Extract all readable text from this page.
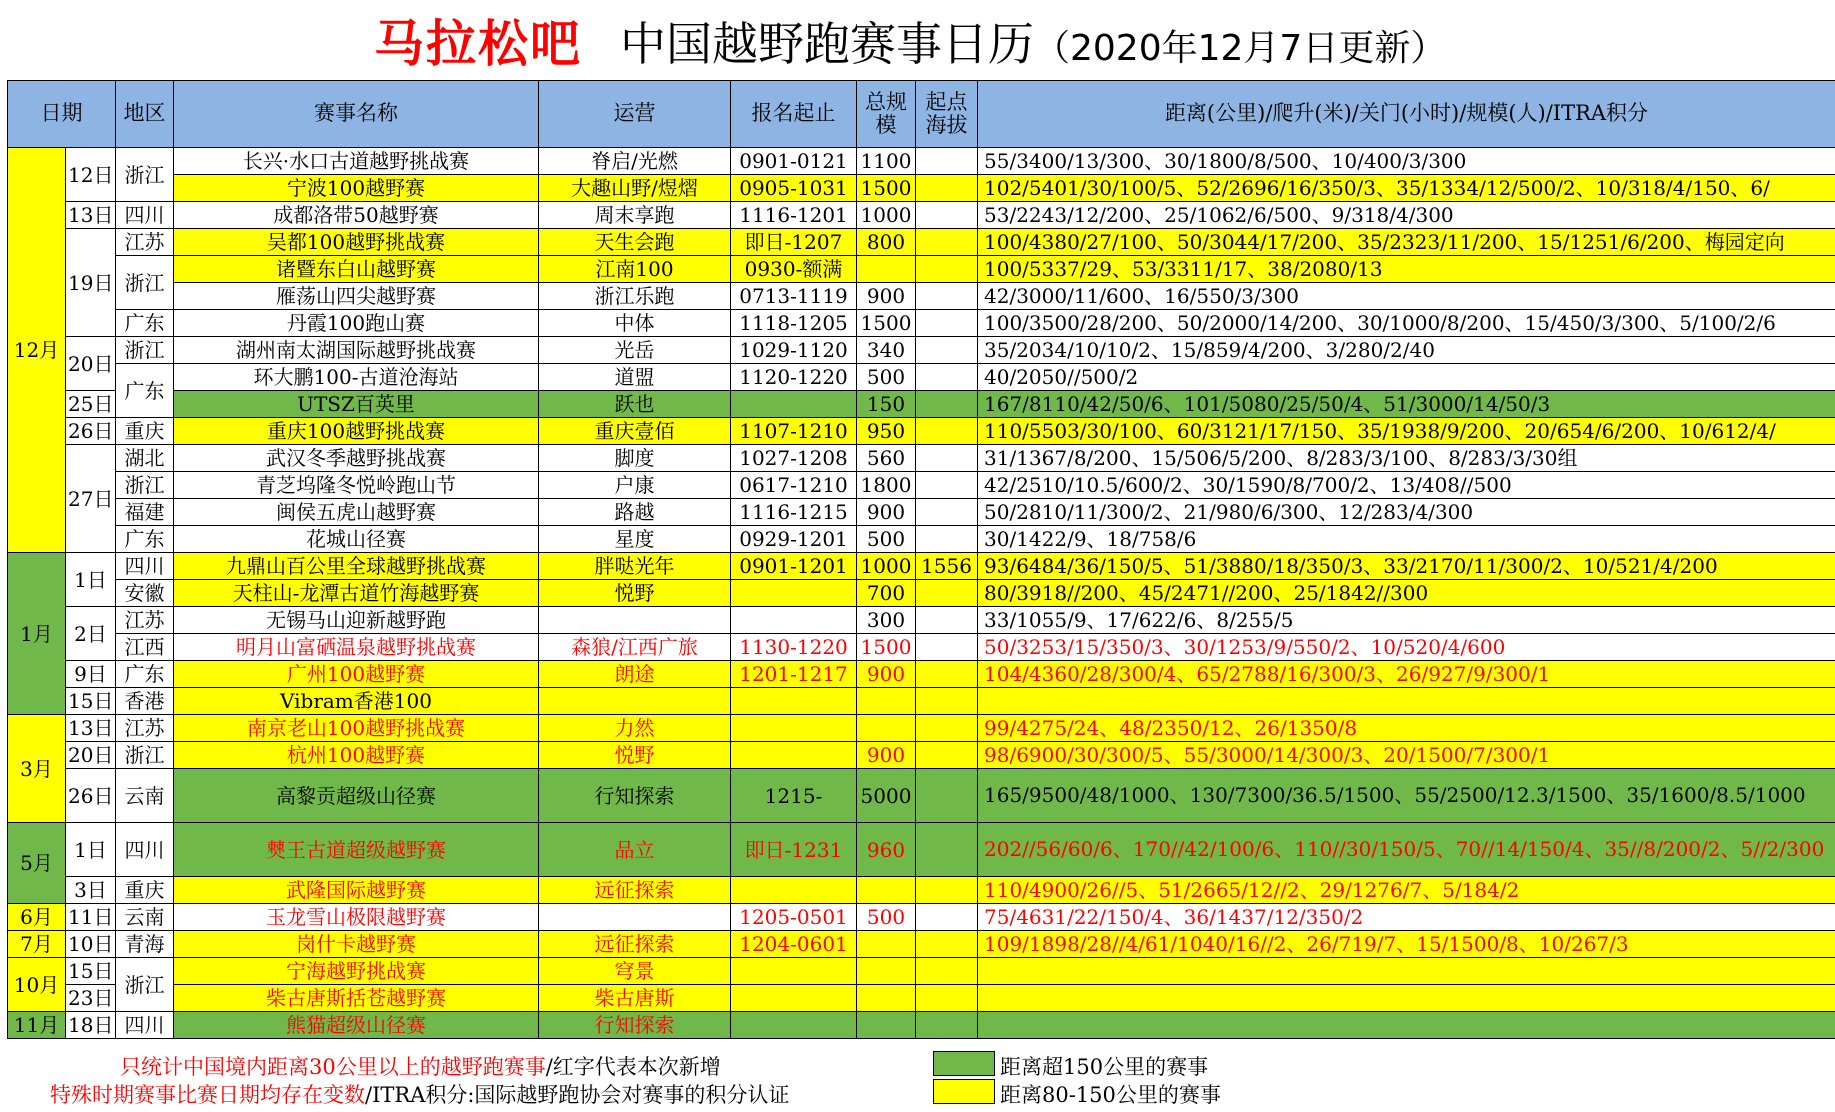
马拉松吧 中国越野跑赛事日历（2020年12月7日更新）
日期		地区	赛事名称	运营	报名起止	总规模	起点海拔	距离(公里)/爬升(米)/关门(小时)/规模(人)/ITRA积分
12月	12日	浙江	长兴·水口古道越野挑战赛	脊启/光燃	0901-0121	1100		55/3400/13/300、30/1800/8/500、10/400/3/300
			宁波100越野赛	大趣山野/煜熠	0905-1031	1500		102/5401/30/100/5、52/2696/16/350/3、35/1334/12/500/2、10/318/4/150、6/
	13日	四川	成都洛带50越野赛	周末享跑	1116-1201	1000		53/2243/12/200、25/1062/6/500、9/318/4/300
	19日	江苏	吴都100越野挑战赛	天生会跑	即日-1207	800		100/4380/27/100、50/3044/17/200、35/2323/11/200、15/1251/6/200、梅园定向
		浙江	诸暨东白山越野赛	江南100	0930-额满			100/5337/29、53/3311/17、38/2080/13
			雁荡山四尖越野赛	浙江乐跑	0713-1119	900		42/3000/11/600、16/550/3/300
		广东	丹霞100跑山赛	中体	1118-1205	1500		100/3500/28/200、50/2000/14/200、30/1000/8/200、15/450/3/300、5/100/2/6
	20日	浙江	湖州南太湖国际越野挑战赛	光岳	1029-1120	340		35/2034/10/10/2、15/859/4/200、3/280/2/40
		广东	环大鹏100-古道沧海站	道盟	1120-1220	500		40/2050//500/2
	25日		UTSZ百英里	跃也		150		167/8110/42/50/6、101/5080/25/50/4、51/3000/14/50/3
	26日	重庆	重庆100越野挑战赛	重庆壹佰	1107-1210	950		110/5503/30/100、60/3121/17/150、35/1938/9/200、20/654/6/200、10/612/4/
	27日	湖北	武汉冬季越野挑战赛	脚度	1027-1208	560		31/1367/8/200、15/506/5/200、8/283/3/100、8/283/3/30组
		浙江	青芝坞隆冬悦岭跑山节	户康	0617-1210	1800		42/2510/10.5/600/2、30/1590/8/700/2、13/408//500
		福建	闽侯五虎山越野赛	路越	1116-1215	900		50/2810/11/300/2、21/980/6/300、12/283/4/300
		广东	花城山径赛	星度	0929-1201	500		30/1422/9、18/758/6
1月	1日	四川	九鼎山百公里全球越野挑战赛	胖哒光年	0901-1201	1000	1556	93/6484/36/150/5、51/3880/18/350/3、33/2170/11/300/2、10/521/4/200
		安徽	天柱山-龙潭古道竹海越野赛	悦野		700		80/3918//200、45/2471//200、25/1842//300
	2日	江苏	无锡马山迎新越野跑			300		33/1055/9、17/622/6、8/255/5
		江西	明月山富硒温泉越野挑战赛	森狼/江西广旅	1130-1220	1500		50/3253/15/350/3、30/1253/9/550/2、10/520/4/600
	9日	广东	广州100越野赛	朗途	1201-1217	900		104/4360/28/300/4、65/2788/16/300/3、26/927/9/300/1
	15日	香港	Vibram香港100					
3月	13日	江苏	南京老山100越野挑战赛	力然				99/4275/24、48/2350/12、26/1350/8
	20日	浙江	杭州100越野赛	悦野		900		98/6900/30/300/5、55/3000/14/300/3、20/1500/7/300/1
	26日	云南	高黎贡超级山径赛	行知探索	1215-	5000		165/9500/48/1000、130/7300/36.5/1500、55/2500/12.3/1500、35/1600/8.5/1000
5月	1日	四川	僰王古道超级越野赛	品立	即日-1231	960		202//56/60/6、170//42/100/6、110//30/150/5、70//14/150/4、35//8/200/2、5//2/300
	3日	重庆	武隆国际越野赛	远征探索				110/4900/26//5、51/2665/12//2、29/1276/7、5/184/2
6月	11日	云南	玉龙雪山极限越野赛		1205-0501	500		75/4631/22/150/4、36/1437/12/350/2
7月	10日	青海	岗什卡越野赛	远征探索	1204-0601			109/1898/28//4/61/1040/16//2、26/719/7、15/1500/8、10/267/3
10月	15日	浙江	宁海越野挑战赛	穹景				
	23日		柴古唐斯括苍越野赛	柴古唐斯				
11月	18日	四川	熊猫超级山径赛	行知探索				
只统计中国境内距离30公里以上的越野跑赛事/红字代表本次新增
特殊时期赛事比赛日期均存在变数/ITRA积分:国际越野跑协会对赛事的积分认证
距离超150公里的赛事
距离80-150公里的赛事
